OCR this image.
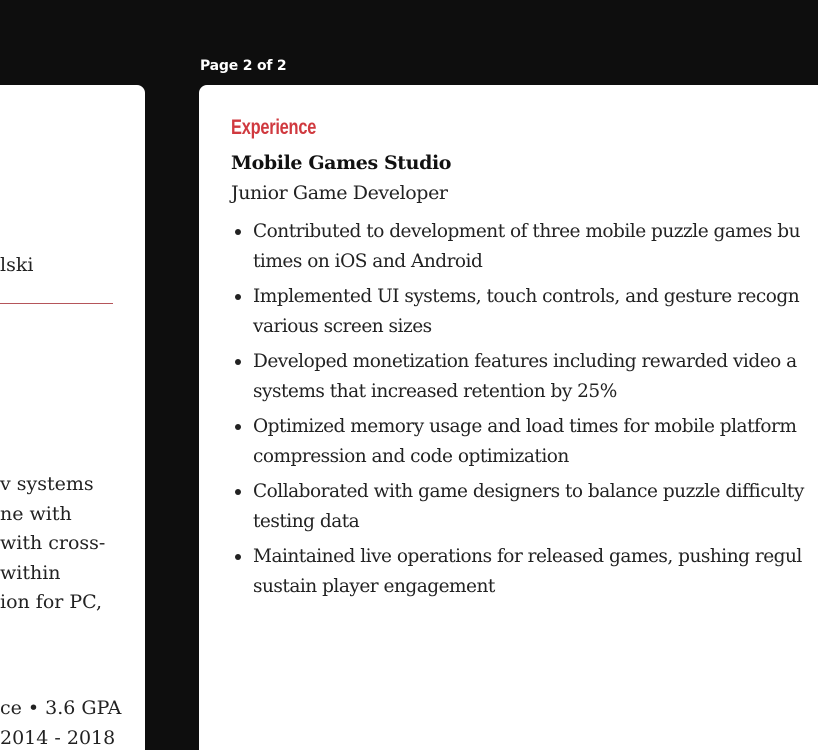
lski
v systems
ne with
with cross-
within
ion for PC,
ce • 3.6 GPA
2014 - 2018
Page 2 of 2
Experience
Mobile Games Studio
Junior Game Developer
Contributed to development of three mobile puzzle games bu
times on iOS and Android
Implemented UI systems, touch controls, and gesture recogn
various screen sizes
Developed monetization features including rewarded video a
systems that increased retention by 25%
Optimized memory usage and load times for mobile platform
compression and code optimization
Collaborated with game designers to balance puzzle difficulty
testing data
Maintained live operations for released games, pushing regul
sustain player engagement
